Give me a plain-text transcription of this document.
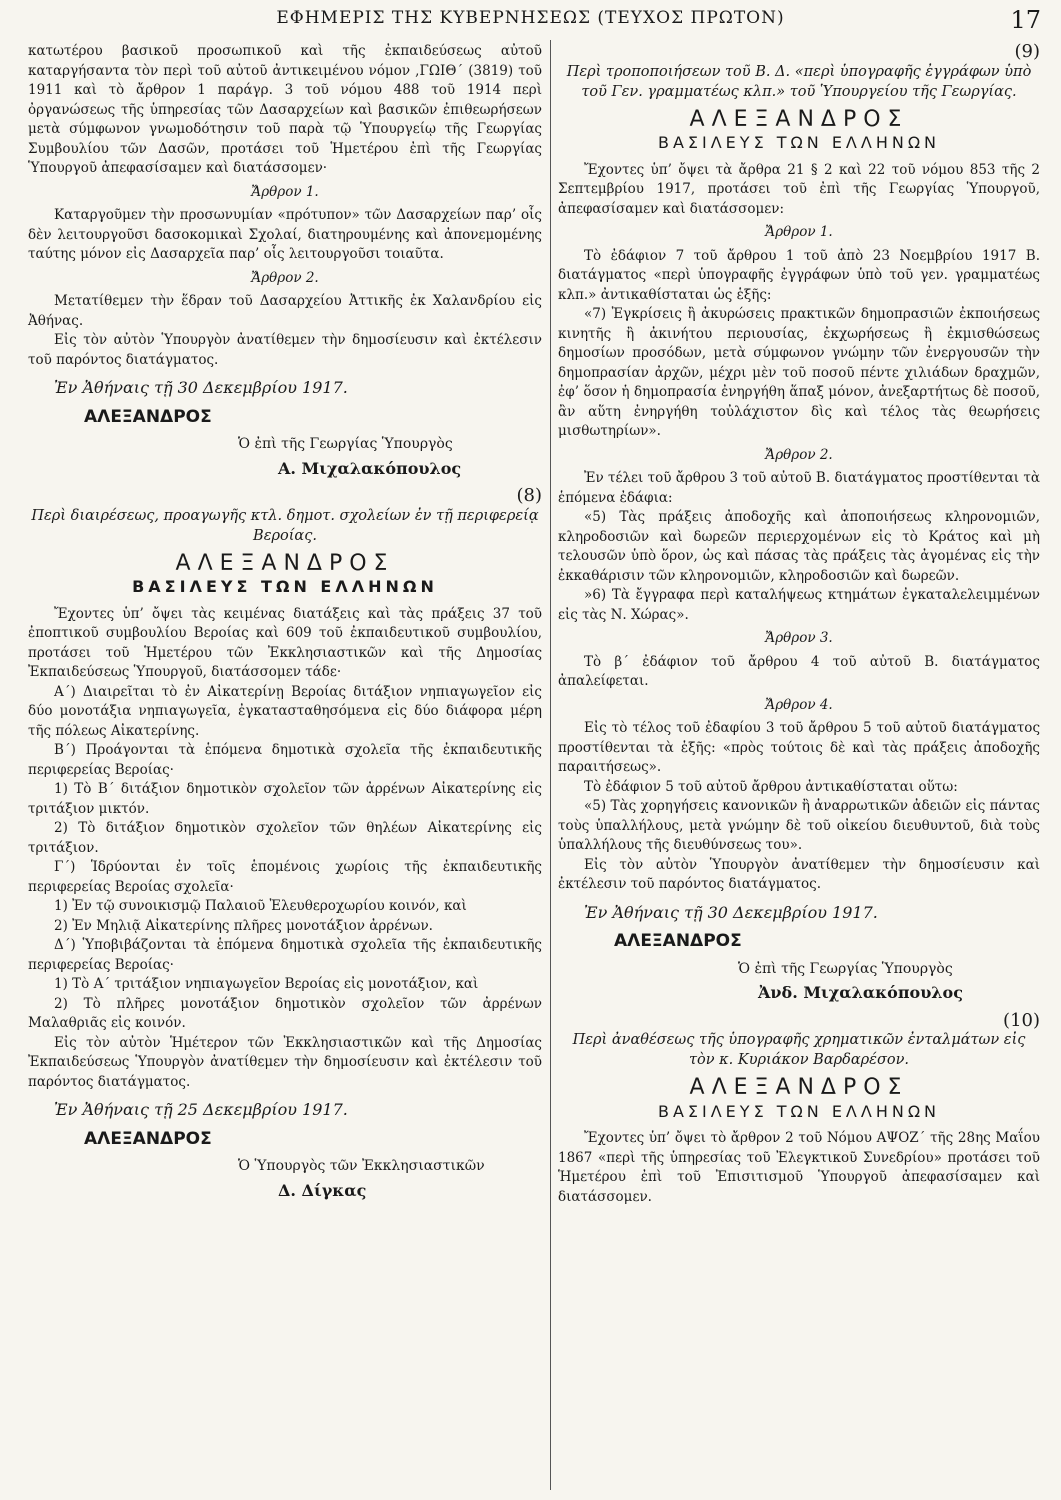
ΕΦΗΜΕΡΙΣ ΤΗΣ ΚΥΒΕΡΝΗΣΕΩΣ (ΤΕΥΧΟΣ ΠΡΩΤΟΝ)	17

κατωτέρου βασικοῦ προσωπικοῦ καὶ τῆς ἐκπαιδεύσεως αὐτοῦ καταργήσαντα τὸν περὶ τοῦ αὐτοῦ ἀντικειμένου νόμον ,ΓΩΙΘ΄ (3819) τοῦ 1911 καὶ τὸ ἄρθρον 1 παράγρ. 3 τοῦ νόμου 488 τοῦ 1914 περὶ ὀργανώσεως τῆς ὑπηρεσίας τῶν Δασαρχείων καὶ βασικῶν ἐπιθεωρήσεων μετὰ σύμφωνον γνωμοδότησιν τοῦ παρὰ τῷ Ὑπουργείῳ τῆς Γεωργίας Συμβουλίου τῶν Δασῶν, προτάσει τοῦ Ἡμετέρου ἐπὶ τῆς Γεωργίας Ὑπουργοῦ ἀπεφασίσαμεν καὶ διατάσσομεν·

Ἄρθρον 1.

Καταργοῦμεν τὴν προσωνυμίαν «πρότυπον» τῶν Δασαρχείων παρ’ οἷς δὲν λειτουργοῦσι δασοκομικαὶ Σχολαί, διατηρουμένης καὶ ἀπονεμομένης ταύτης μόνον εἰς Δασαρχεῖα παρ’ οἷς λειτουργοῦσι τοιαῦτα.

Ἄρθρον 2.

Μετατίθεμεν τὴν ἕδραν τοῦ Δασαρχείου Ἀττικῆς ἐκ Χαλανδρίου εἰς Ἀθήνας.

Εἰς τὸν αὐτὸν Ὑπουργὸν ἀνατίθεμεν τὴν δημοσίευσιν καὶ ἐκτέλεσιν τοῦ παρόντος διατάγματος.

Ἐν Ἀθήναις τῇ 30 Δεκεμβρίου 1917.
ΑΛΕΞΑΝΔΡΟΣ
Ὁ ἐπὶ τῆς Γεωργίας Ὑπουργὸς
Α. Μιχαλακόπουλος
(8)
Περὶ διαιρέσεως, προαγωγῆς κτλ. δημοτ. σχολείων ἐν τῇ περιφερείᾳ Βεροίας.
ΑΛΕΞΑΝΔΡΟΣ
ΒΑΣΙΛΕΥΣ ΤΩΝ ΕΛΛΗΝΩΝ

Ἔχοντες ὑπ’ ὄψει τὰς κειμένας διατάξεις καὶ τὰς πράξεις 37 τοῦ ἐποπτικοῦ συμβουλίου Βεροίας καὶ 609 τοῦ ἐκπαιδευτικοῦ συμβουλίου, προτάσει τοῦ Ἡμετέρου τῶν Ἐκκλησιαστικῶν καὶ τῆς Δημοσίας Ἐκπαιδεύσεως Ὑπουργοῦ, διατάσσομεν τάδε·

Α΄) Διαιρεῖται τὸ ἐν Αἰκατερίνῃ Βεροίας διτάξιον νηπιαγωγεῖον εἰς δύο μονοτάξια νηπιαγωγεῖα, ἐγκατασταθησόμενα εἰς δύο διάφορα μέρη τῆς πόλεως Αἰκατερίνης.

Β΄) Προάγονται τὰ ἑπόμενα δημοτικὰ σχολεῖα τῆς ἐκπαιδευτικῆς περιφερείας Βεροίας·

1) Τὸ Β΄ διτάξιον δημοτικὸν σχολεῖον τῶν ἀρρένων Αἰκατερίνης εἰς τριτάξιον μικτόν.

2) Τὸ διτάξιον δημοτικὸν σχολεῖον τῶν θηλέων Αἰκατερίνης εἰς τριτάξιον.

Γ΄) Ἱδρύονται ἐν τοῖς ἑπομένοις χωρίοις τῆς ἐκπαιδευτικῆς περιφερείας Βεροίας σχολεῖα·

1) Ἐν τῷ συνοικισμῷ Παλαιοῦ Ἐλευθεροχωρίου κοινόν, καὶ

2) Ἐν Μηλιᾷ Αἰκατερίνης πλῆρες μονοτάξιον ἀρρένων.

Δ΄) Ὑποβιβάζονται τὰ ἑπόμενα δημοτικὰ σχολεῖα τῆς ἐκπαιδευτικῆς περιφερείας Βεροίας·

1) Τὸ Α΄ τριτάξιον νηπιαγωγεῖον Βεροίας εἰς μονοτάξιον, καὶ

2) Τὸ πλῆρες μονοτάξιον δημοτικὸν σχολεῖον τῶν ἀρρένων Μαλαθριᾶς εἰς κοινόν.

Εἰς τὸν αὐτὸν Ἡμέτερον τῶν Ἐκκλησιαστικῶν καὶ τῆς Δημοσίας Ἐκπαιδεύσεως Ὑπουργὸν ἀνατίθεμεν τὴν δημοσίευσιν καὶ ἐκτέλεσιν τοῦ παρόντος διατάγματος.

Ἐν Ἀθήναις τῇ 25 Δεκεμβρίου 1917.
ΑΛΕΞΑΝΔΡΟΣ
Ὁ Ὑπουργὸς τῶν Ἐκκλησιαστικῶν
Δ. Δίγκας
(9)
Περὶ τροποποιήσεων τοῦ Β. Δ. «περὶ ὑπογραφῆς ἐγγράφων ὑπὸ τοῦ Γεν. γραμματέως κλπ.» τοῦ Ὑπουργείου τῆς Γεωργίας.
ΑΛΕΞΑΝΔΡΟΣ
ΒΑΣΙΛΕΥΣ ΤΩΝ ΕΛΛΗΝΩΝ

Ἔχοντες ὑπ’ ὄψει τὰ ἄρθρα 21 § 2 καὶ 22 τοῦ νόμου 853 τῆς 2 Σεπτεμβρίου 1917, προτάσει τοῦ ἐπὶ τῆς Γεωργίας Ὑπουργοῦ, ἀπεφασίσαμεν καὶ διατάσσομεν:

Ἄρθρον 1.

Τὸ ἐδάφιον 7 τοῦ ἄρθρου 1 τοῦ ἀπὸ 23 Νοεμβρίου 1917 Β. διατάγματος «περὶ ὑπογραφῆς ἐγγράφων ὑπὸ τοῦ γεν. γραμματέως κλπ.» ἀντικαθίσταται ὡς ἑξῆς:

«7) Ἐγκρίσεις ἢ ἀκυρώσεις πρακτικῶν δημοπρασιῶν ἐκποιήσεως κινητῆς ἢ ἀκινήτου περιουσίας, ἐκχωρήσεως ἢ ἐκμισθώσεως δημοσίων προσόδων, μετὰ σύμφωνον γνώμην τῶν ἐνεργουσῶν τὴν δημοπρασίαν ἀρχῶν, μέχρι μὲν τοῦ ποσοῦ πέντε χιλιάδων δραχμῶν, ἐφ’ ὅσον ἡ δημοπρασία ἐνηργήθη ἅπαξ μόνον, ἀνεξαρτήτως δὲ ποσοῦ, ἂν αὕτη ἐνηργήθη τοὐλάχιστον δὶς καὶ τέλος τὰς θεωρήσεις μισθωτηρίων».

Ἄρθρον 2.

Ἐν τέλει τοῦ ἄρθρου 3 τοῦ αὐτοῦ Β. διατάγματος προστίθενται τὰ ἑπόμενα ἐδάφια:

«5) Τὰς πράξεις ἀποδοχῆς καὶ ἀποποιήσεως κληρονομιῶν, κληροδοσιῶν καὶ δωρεῶν περιερχομένων εἰς τὸ Κράτος καὶ μὴ τελουσῶν ὑπὸ ὅρον, ὡς καὶ πάσας τὰς πράξεις τὰς ἀγομένας εἰς τὴν ἐκκαθάρισιν τῶν κληρονομιῶν, κληροδοσιῶν καὶ δωρεῶν.

»6) Τὰ ἔγγραφα περὶ καταλήψεως κτημάτων ἐγκαταλελειμμένων εἰς τὰς Ν. Χώρας».

Ἄρθρον 3.

Τὸ β΄ ἐδάφιον τοῦ ἄρθρου 4 τοῦ αὐτοῦ Β. διατάγματος ἀπαλείφεται.

Ἄρθρον 4.

Εἰς τὸ τέλος τοῦ ἐδαφίου 3 τοῦ ἄρθρου 5 τοῦ αὐτοῦ διατάγματος προστίθενται τὰ ἑξῆς: «πρὸς τούτοις δὲ καὶ τὰς πράξεις ἀποδοχῆς παραιτήσεως».

Τὸ ἐδάφιον 5 τοῦ αὐτοῦ ἄρθρου ἀντικαθίσταται οὕτω:

«5) Τὰς χορηγήσεις κανονικῶν ἢ ἀναρρωτικῶν ἀδειῶν εἰς πάντας τοὺς ὑπαλλήλους, μετὰ γνώμην δὲ τοῦ οἰκείου διευθυντοῦ, διὰ τοὺς ὑπαλλήλους τῆς διευθύνσεως του».

Εἰς τὸν αὐτὸν Ὑπουργὸν ἀνατίθεμεν τὴν δημοσίευσιν καὶ ἐκτέλεσιν τοῦ παρόντος διατάγματος.

Ἐν Ἀθήναις τῇ 30 Δεκεμβρίου 1917.
ΑΛΕΞΑΝΔΡΟΣ
Ὁ ἐπὶ τῆς Γεωργίας Ὑπουργὸς
Ἀνδ. Μιχαλακόπουλος
(10)
Περὶ ἀναθέσεως τῆς ὑπογραφῆς χρηματικῶν ἐνταλμάτων εἰς τὸν κ. Κυριάκον Βαρδαρέσον.
ΑΛΕΞΑΝΔΡΟΣ
ΒΑΣΙΛΕΥΣ ΤΩΝ ΕΛΛΗΝΩΝ

Ἔχοντες ὑπ’ ὄψει τὸ ἄρθρον 2 τοῦ Νόμου ΑΨΟΖ΄ τῆς 28ης Μαΐου 1867 «περὶ τῆς ὑπηρεσίας τοῦ Ἐλεγκτικοῦ Συνεδρίου» προτάσει τοῦ Ἡμετέρου ἐπὶ τοῦ Ἐπισιτισμοῦ Ὑπουργοῦ ἀπεφασίσαμεν καὶ διατάσσομεν.
